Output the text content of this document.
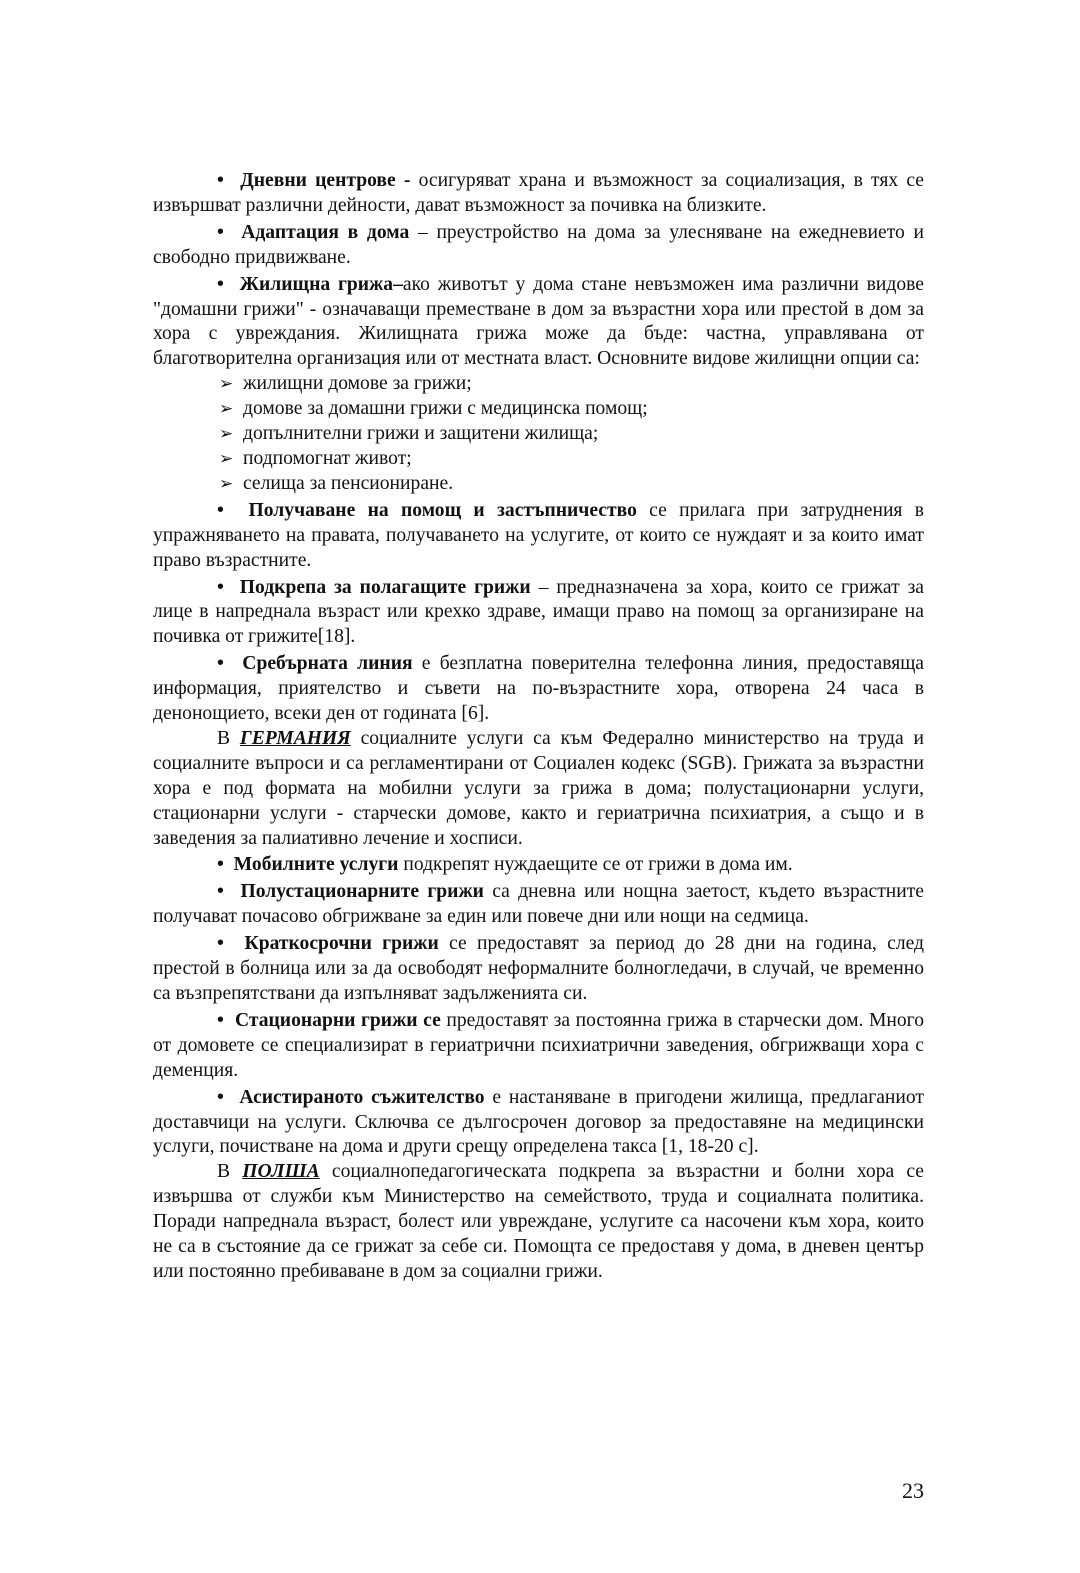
• Дневни центрове - осигуряват храна и възможност за социализация, в тях се извършват различни дейности, дават възможност за почивка на близките.

• Адаптация в дома – преустройство на дома за улесняване на ежедневието и свободно придвижване.

• Жилищна грижа–ако животът у дома стане невъзможен има различни видове "домашни грижи" - означаващи преместване в дом за възрастни хора или престой в дом за хора с увреждания. Жилищната грижа може да бъде: частна, управлявана от благотворителна организация или от местната власт. Основните видове жилищни опции са:

➢ жилищни домове за грижи;
➢ домове за домашни грижи с медицинска помощ;
➢ допълнителни грижи и защитени жилища;
➢ подпомогнат живот;
➢ селища за пенсиониране.

• Получаване на помощ и застъпничество се прилага при затруднения в упражняването на правата, получаването на услугите, от които се нуждаят и за които имат право възрастните.

• Подкрепа за полагащите грижи – предназначена за хора, които се грижат за лице в напреднала възраст или крехко здраве, имащи право на помощ за организиране на почивка от грижите[18].

• Сребърната линия е безплатна поверителна телефонна линия, предоставяща информация, приятелство и съвети на по-възрастните хора, отворена 24 часа в денонощието, всеки ден от годината [6].

В ГЕРМАНИЯ социалните услуги са към Федерално министерство на труда и социалните въпроси и са регламентирани от Социален кодекс (SGB). Грижата за възрастни хора е под формата на мобилни услуги за грижа в дома; полустационарни услуги, стационарни услуги - старчески домове, както и гериатрична психиатрия, а също и в заведения за палиативно лечение и хосписи.

• Мобилните услуги подкрепят нуждаещите се от грижи в дома им.

• Полустационарните грижи са дневна или нощна заетост, където възрастните получават почасово обгрижване за един или повече дни или нощи на седмица.

• Краткосрочни грижи се предоставят за период до 28 дни на година, след престой в болница или за да освободят неформалните болногледачи, в случай, че временно са възпрепятствани да изпълняват задълженията си.

• Стационарни грижи се предоставят за постоянна грижа в старчески дом. Много от домовете се специализират в гериатрични психиатрични заведения, обгрижващи хора с деменция.

• Асистираното съжителство е настаняване в пригодени жилища, предлаганиот доставчици на услуги. Сключва се дългосрочен договор за предоставяне на медицински услуги, почистване на дома и други срещу определена такса [1, 18-20 с].

В ПОЛША социалнопедагогическата подкрепа за възрастни и болни хора се извършва от служби към Министерство на семейството, труда и социалната политика. Поради напреднала възраст, болест или увреждане, услугите са насочени към хора, които не са в състояние да се грижат за себе си. Помощта се предоставя у дома, в дневен център или постоянно пребиваване в дом за социални грижи.

23
